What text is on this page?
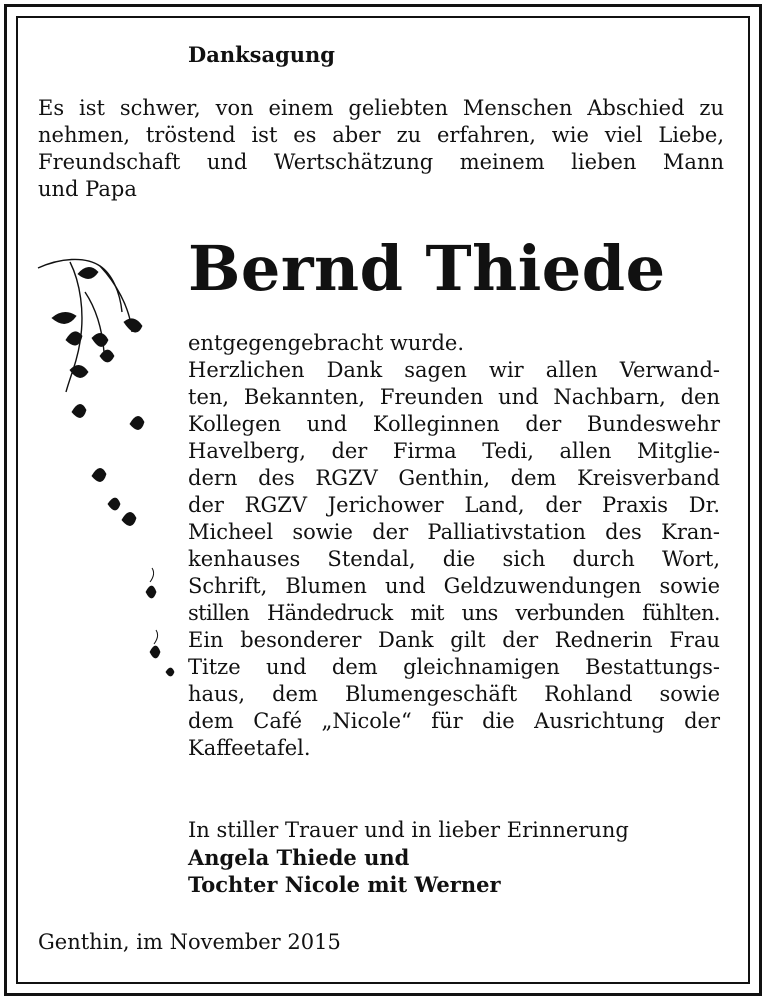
Danksagung
Es ist schwer, von einem geliebten Menschen Abschied zu
nehmen, tröstend ist es aber zu erfahren, wie viel Liebe,
Freundschaft und Wertschätzung meinem lieben Mann
und Papa
Bernd Thiede
entgegengebracht wurde.
Herzlichen Dank sagen wir allen Verwand-
ten, Bekannten, Freunden und Nachbarn, den
Kollegen und Kolleginnen der Bundeswehr
Havelberg, der Firma Tedi, allen Mitglie-
dern des RGZV Genthin, dem Kreisverband
der RGZV Jerichower Land, der Praxis Dr.
Micheel sowie der Palliativstation des Kran-
kenhauses Stendal, die sich durch Wort,
Schrift, Blumen und Geldzuwendungen sowie
stillen Händedruck mit uns verbunden fühlten.
Ein besonderer Dank gilt der Rednerin Frau
Titze und dem gleichnamigen Bestattungs-
haus, dem Blumengeschäft Rohland sowie
dem Café „Nicole“ für die Ausrichtung der
Kaffeetafel.
In stiller Trauer und in lieber Erinnerung
Angela Thiede und
Tochter Nicole mit Werner
Genthin, im November 2015
